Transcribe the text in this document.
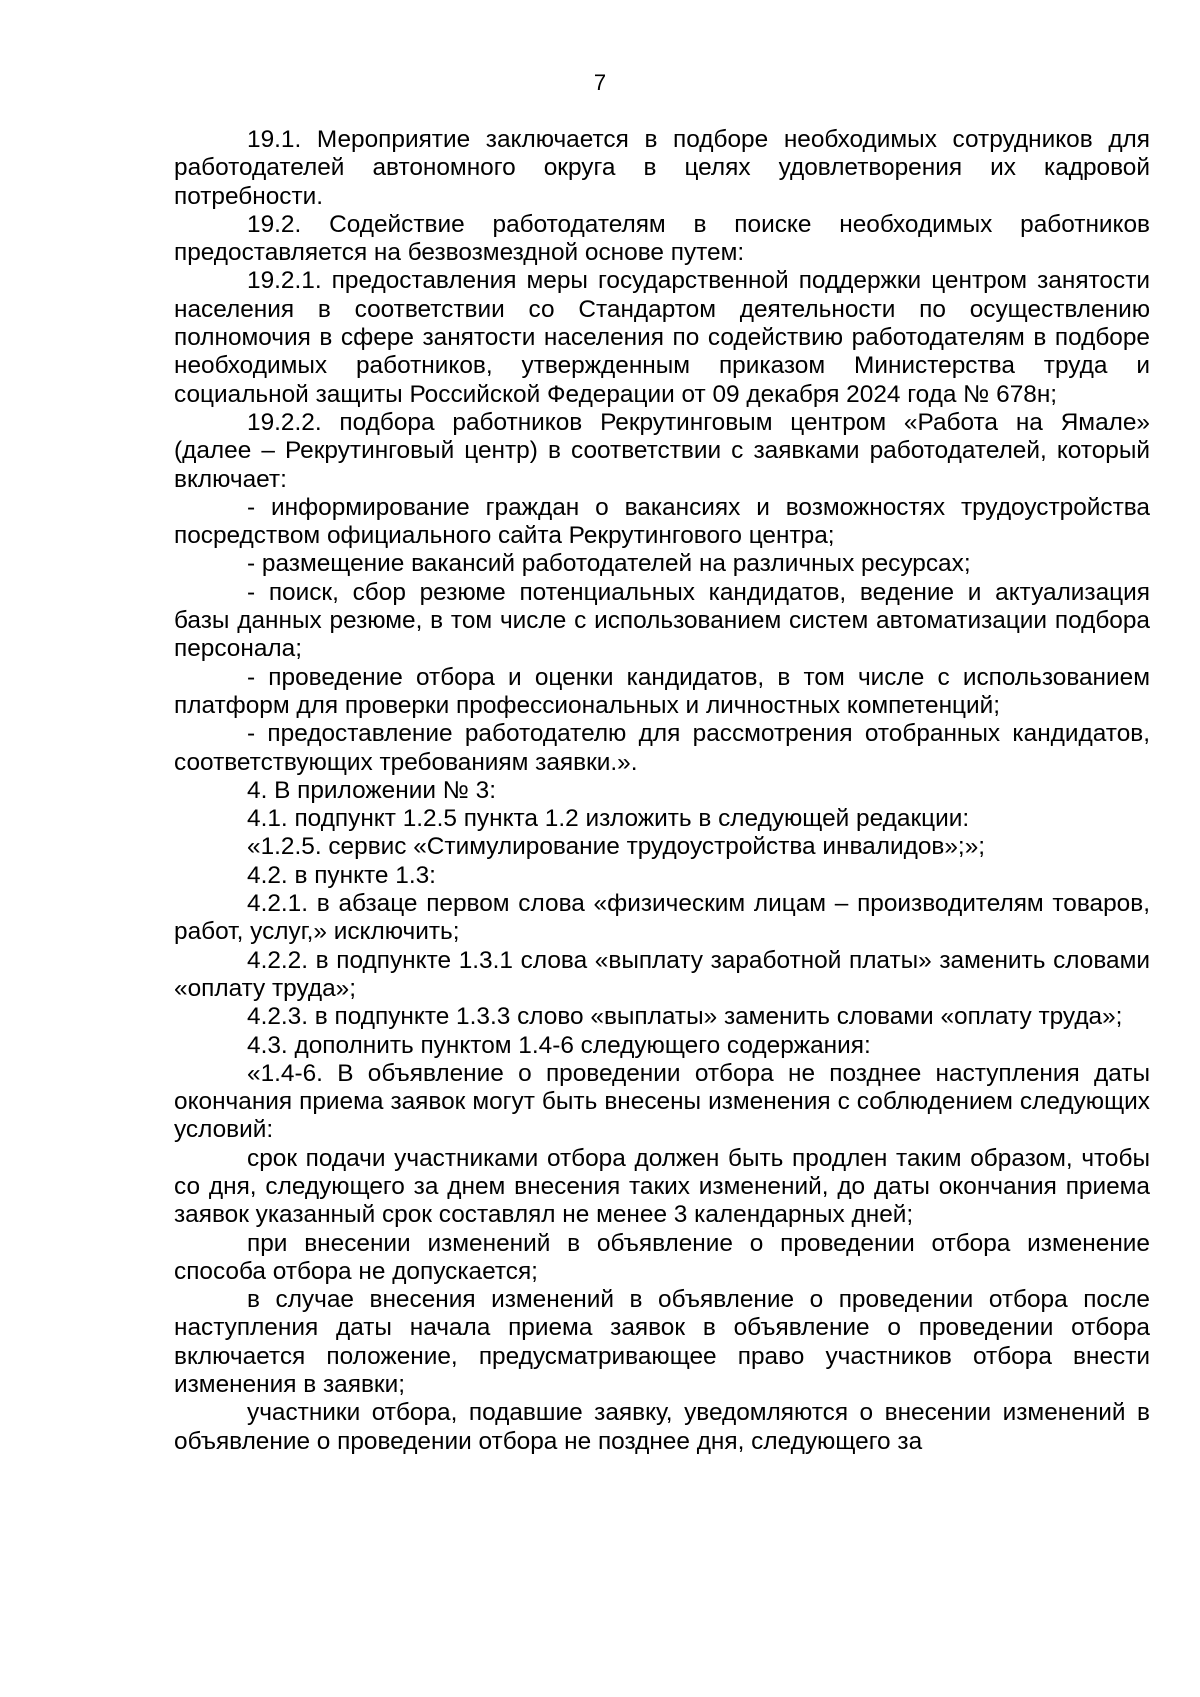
7

19.1. Мероприятие заключается в подборе необходимых сотрудников для работодателей автономного округа в целях удовлетворения их кадровой потребности.

19.2. Содействие работодателям в поиске необходимых работников предоставляется на безвозмездной основе путем:

19.2.1. предоставления меры государственной поддержки центром занятости населения в соответствии со Стандартом деятельности по осуществлению полномочия в сфере занятости населения по содействию работодателям в подборе необходимых работников, утвержденным приказом Министерства труда и социальной защиты Российской Федерации от 09 декабря 2024 года № 678н;

19.2.2. подбора работников Рекрутинговым центром «Работа на Ямале» (далее – Рекрутинговый центр) в соответствии с заявками работодателей, который включает:

- информирование граждан о вакансиях и возможностях трудоустройства посредством официального сайта Рекрутингового центра;

- размещение вакансий работодателей на различных ресурсах;

- поиск, сбор резюме потенциальных кандидатов, ведение и актуализация базы данных резюме, в том числе с использованием систем автоматизации подбора персонала;

- проведение отбора и оценки кандидатов, в том числе с использованием платформ для проверки профессиональных и личностных компетенций;

- предоставление работодателю для рассмотрения отобранных кандидатов, соответствующих требованиям заявки.».

4. В приложении № 3:

4.1. подпункт 1.2.5 пункта 1.2 изложить в следующей редакции:

«1.2.5. сервис «Стимулирование трудоустройства инвалидов»;»;

4.2. в пункте 1.3:

4.2.1. в абзаце первом слова «физическим лицам – производителям товаров, работ, услуг,» исключить;

4.2.2. в подпункте 1.3.1 слова «выплату заработной платы» заменить словами «оплату труда»;

4.2.3. в подпункте 1.3.3 слово «выплаты» заменить словами «оплату труда»;

4.3. дополнить пунктом 1.4-6 следующего содержания:

«1.4-6. В объявление о проведении отбора не позднее наступления даты окончания приема заявок могут быть внесены изменения с соблюдением следующих условий:

срок подачи участниками отбора должен быть продлен таким образом, чтобы со дня, следующего за днем внесения таких изменений, до даты окончания приема заявок указанный срок составлял не менее 3 календарных дней;

при внесении изменений в объявление о проведении отбора изменение способа отбора не допускается;

в случае внесения изменений в объявление о проведении отбора после наступления даты начала приема заявок в объявление о проведении отбора включается положение, предусматривающее право участников отбора внести изменения в заявки;

участники отбора, подавшие заявку, уведомляются о внесении изменений в объявление о проведении отбора не позднее дня, следующего за
